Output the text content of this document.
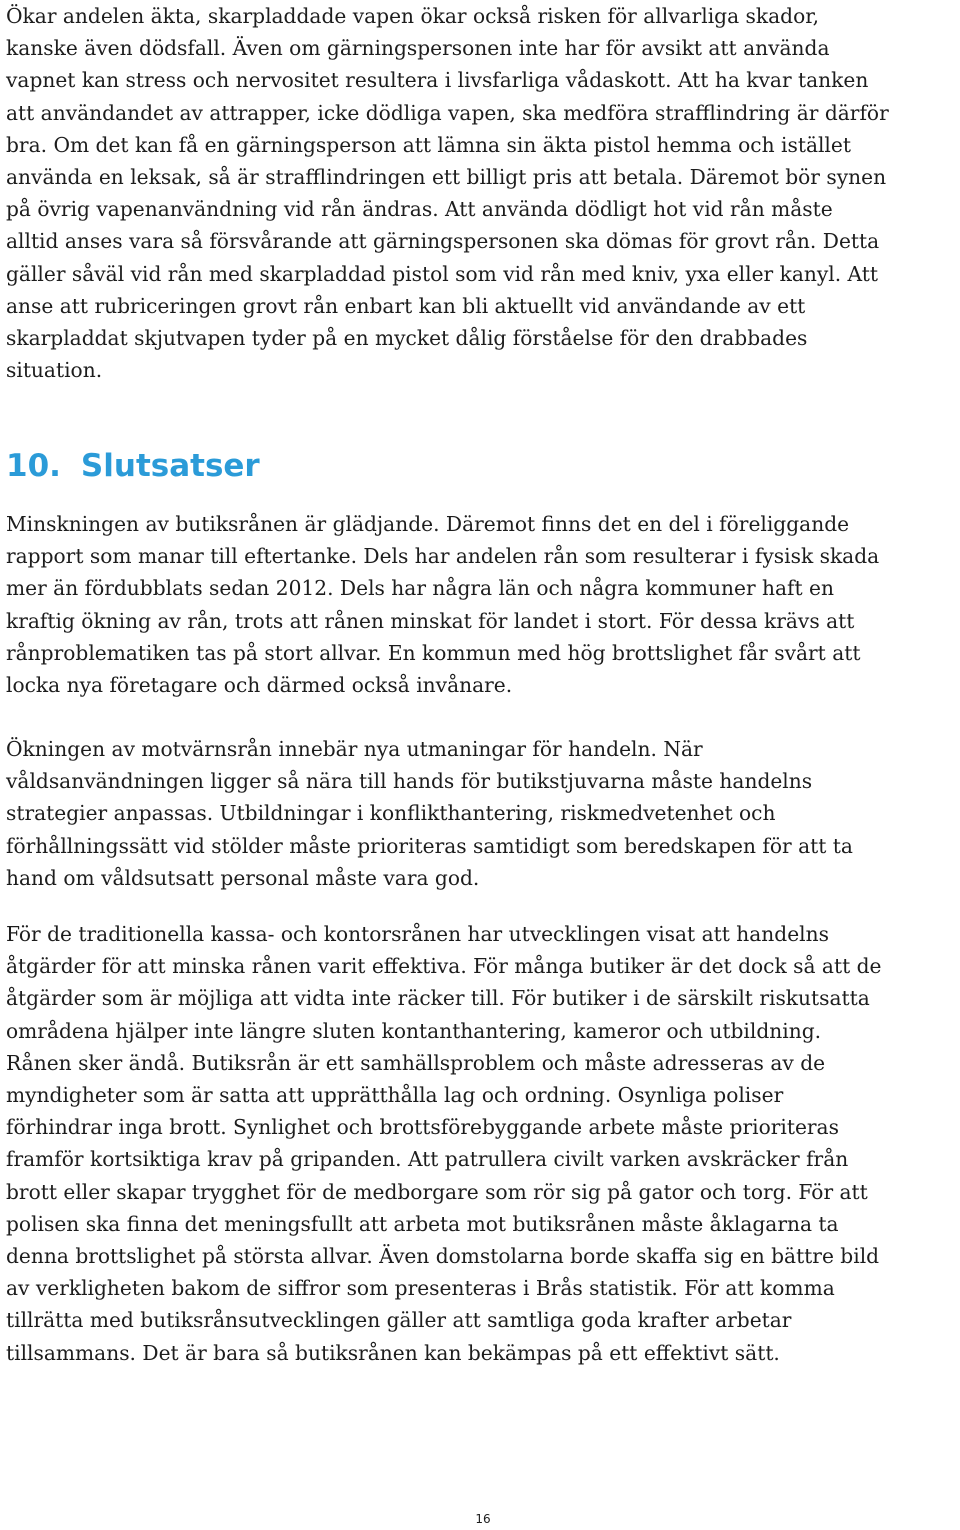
Ökar andelen äkta, skarpladdade vapen ökar också risken för allvarliga skador,
kanske även dödsfall. Även om gärningspersonen inte har för avsikt att använda
vapnet kan stress och nervositet resultera i livsfarliga vådaskott. Att ha kvar tanken
att användandet av attrapper, icke dödliga vapen, ska medföra strafflindring är därför
bra. Om det kan få en gärningsperson att lämna sin äkta pistol hemma och istället
använda en leksak, så är strafflindringen ett billigt pris att betala. Däremot bör synen
på övrig vapenanvändning vid rån ändras. Att använda dödligt hot vid rån måste
alltid anses vara så försvårande att gärningspersonen ska dömas för grovt rån. Detta
gäller såväl vid rån med skarpladdad pistol som vid rån med kniv, yxa eller kanyl. Att
anse att rubriceringen grovt rån enbart kan bli aktuellt vid användande av ett
skarpladdat skjutvapen tyder på en mycket dålig förståelse för den drabbades
situation.

10. Slutsatser

Minskningen av butiksrånen är glädjande. Däremot finns det en del i föreliggande
rapport som manar till eftertanke. Dels har andelen rån som resulterar i fysisk skada
mer än fördubblats sedan 2012. Dels har några län och några kommuner haft en
kraftig ökning av rån, trots att rånen minskat för landet i stort. För dessa krävs att
rånproblematiken tas på stort allvar. En kommun med hög brottslighet får svårt att
locka nya företagare och därmed också invånare.

Ökningen av motvärnsrån innebär nya utmaningar för handeln. När
våldsanvändningen ligger så nära till hands för butikstjuvarna måste handelns
strategier anpassas. Utbildningar i konflikthantering, riskmedvetenhet och
förhållningssätt vid stölder måste prioriteras samtidigt som beredskapen för att ta
hand om våldsutsatt personal måste vara god.

För de traditionella kassa- och kontorsrånen har utvecklingen visat att handelns
åtgärder för att minska rånen varit effektiva. För många butiker är det dock så att de
åtgärder som är möjliga att vidta inte räcker till. För butiker i de särskilt riskutsatta
områdena hjälper inte längre sluten kontanthantering, kameror och utbildning.
Rånen sker ändå. Butiksrån är ett samhällsproblem och måste adresseras av de
myndigheter som är satta att upprätthålla lag och ordning. Osynliga poliser
förhindrar inga brott. Synlighet och brottsförebyggande arbete måste prioriteras
framför kortsiktiga krav på gripanden. Att patrullera civilt varken avskräcker från
brott eller skapar trygghet för de medborgare som rör sig på gator och torg. För att
polisen ska finna det meningsfullt att arbeta mot butiksrånen måste åklagarna ta
denna brottslighet på största allvar. Även domstolarna borde skaffa sig en bättre bild
av verkligheten bakom de siffror som presenteras i Brås statistik. För att komma
tillrätta med butiksrånsutvecklingen gäller att samtliga goda krafter arbetar
tillsammans. Det är bara så butiksrånen kan bekämpas på ett effektivt sätt.

16
